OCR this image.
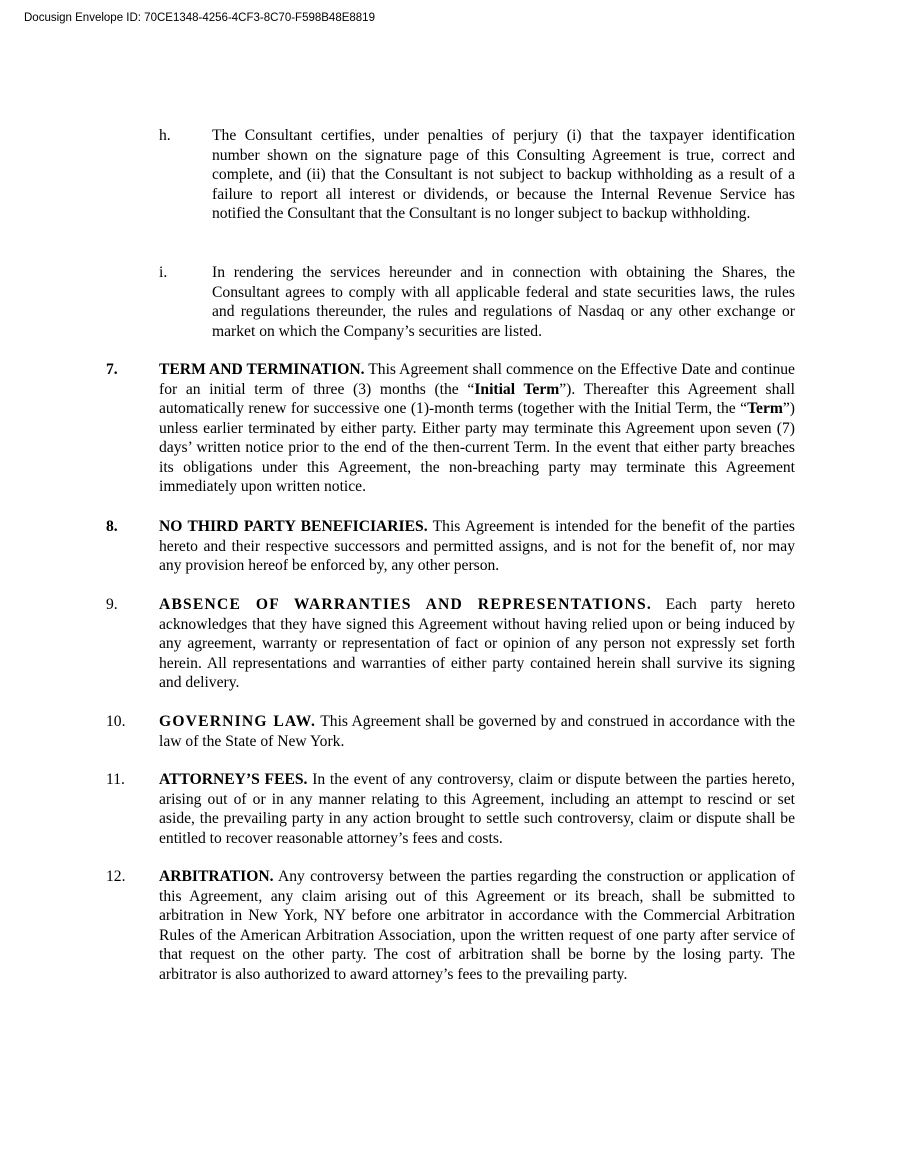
Docusign Envelope ID: 70CE1348-4256-4CF3-8C70-F598B48E8819
h.	The Consultant certifies, under penalties of perjury (i) that the taxpayer identification number shown on the signature page of this Consulting Agreement is true, correct and complete, and (ii) that the Consultant is not subject to backup withholding as a result of a failure to report all interest or dividends, or because the Internal Revenue Service has notified the Consultant that the Consultant is no longer subject to backup withholding.
i.	In rendering the services hereunder and in connection with obtaining the Shares, the Consultant agrees to comply with all applicable federal and state securities laws, the rules and regulations thereunder, the rules and regulations of Nasdaq or any other exchange or market on which the Company’s securities are listed.
7.	TERM AND TERMINATION. This Agreement shall commence on the Effective Date and continue for an initial term of three (3) months (the “Initial Term”). Thereafter this Agreement shall automatically renew for successive one (1)-month terms (together with the Initial Term, the “Term”) unless earlier terminated by either party. Either party may terminate this Agreement upon seven (7) days’ written notice prior to the end of the then-current Term. In the event that either party breaches its obligations under this Agreement, the non-breaching party may terminate this Agreement immediately upon written notice.
8.	NO THIRD PARTY BENEFICIARIES. This Agreement is intended for the benefit of the parties hereto and their respective successors and permitted assigns, and is not for the benefit of, nor may any provision hereof be enforced by, any other person.
9.	ABSENCE OF WARRANTIES AND REPRESENTATIONS. Each party hereto acknowledges that they have signed this Agreement without having relied upon or being induced by any agreement, warranty or representation of fact or opinion of any person not expressly set forth herein. All representations and warranties of either party contained herein shall survive its signing and delivery.
10. GOVERNING LAW. This Agreement shall be governed by and construed in accordance with the law of the State of New York.
11. ATTORNEY’S FEES. In the event of any controversy, claim or dispute between the parties hereto, arising out of or in any manner relating to this Agreement, including an attempt to rescind or set aside, the prevailing party in any action brought to settle such controversy, claim or dispute shall be entitled to recover reasonable attorney’s fees and costs.
12. ARBITRATION. Any controversy between the parties regarding the construction or application of this Agreement, any claim arising out of this Agreement or its breach, shall be submitted to arbitration in New York, NY before one arbitrator in accordance with the Commercial Arbitration Rules of the American Arbitration Association, upon the written request of one party after service of that request on the other party. The cost of arbitration shall be borne by the losing party. The arbitrator is also authorized to award attorney’s fees to the prevailing party.
